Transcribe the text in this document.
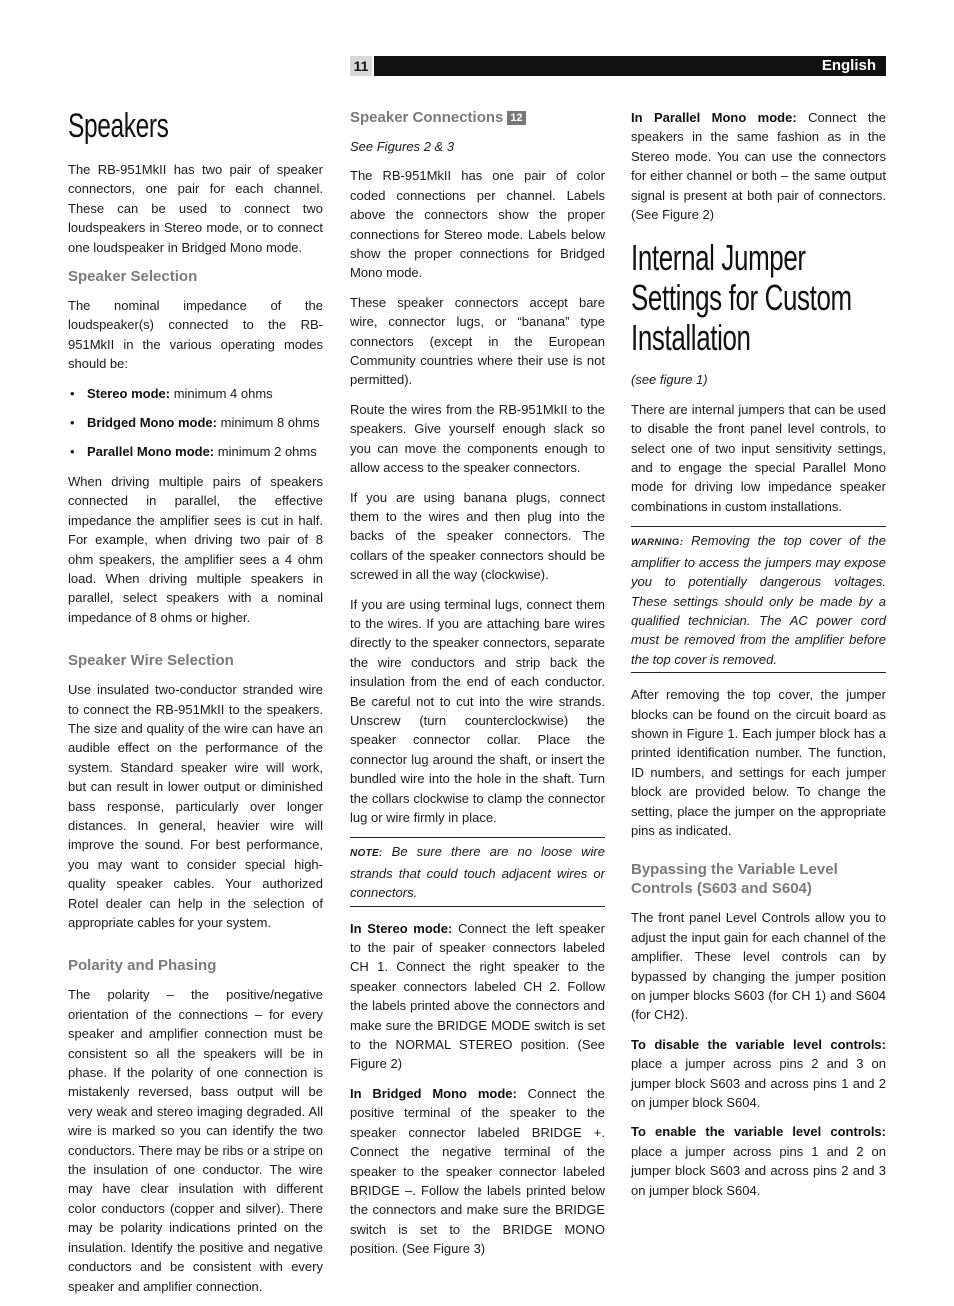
11	English
Speakers

The RB-951MkII has two pair of speaker connectors, one pair for each channel. These can be used to connect two loudspeakers in Stereo mode, or to connect one loudspeaker in Bridged Mono mode.

Speaker Selection

The nominal impedance of the loudspeaker(s) connected to the RB-951MkII in the various operating modes should be:

• Stereo mode: minimum 4 ohms
• Bridged Mono mode: minimum 8 ohms
• Parallel Mono mode: minimum 2 ohms

When driving multiple pairs of speakers connected in parallel, the effective impedance the amplifier sees is cut in half. For example, when driving two pair of 8 ohm speakers, the amplifier sees a 4 ohm load. When driving multiple speakers in parallel, select speakers with a nominal impedance of 8 ohms or higher.

Speaker Wire Selection

Use insulated two-conductor stranded wire to connect the RB-951MkII to the speakers. The size and quality of the wire can have an audible effect on the performance of the system. Standard speaker wire will work, but can result in lower output or diminished bass response, particularly over longer distances. In general, heavier wire will improve the sound. For best performance, you may want to consider special high-quality speaker cables. Your authorized Rotel dealer can help in the selection of appropriate cables for your system.

Polarity and Phasing

The polarity – the positive/negative orientation of the connections – for every speaker and amplifier connection must be consistent so all the speakers will be in phase. If the polarity of one connection is mistakenly reversed, bass output will be very weak and stereo imaging degraded. All wire is marked so you can identify the two conductors. There may be ribs or a stripe on the insulation of one conductor. The wire may have clear insulation with different color conductors (copper and silver). There may be polarity indications printed on the insulation. Identify the positive and negative conductors and be consistent with every speaker and amplifier connection.

Speaker Connections 12

See Figures 2 & 3

The RB-951MkII has one pair of color coded connections per channel. Labels above the connectors show the proper connections for Stereo mode. Labels below show the proper connections for Bridged Mono mode.

These speaker connectors accept bare wire, connector lugs, or “banana” type connectors (except in the European Community countries where their use is not permitted).

Route the wires from the RB-951MkII to the speakers. Give yourself enough slack so you can move the components enough to allow access to the speaker connectors.

If you are using banana plugs, connect them to the wires and then plug into the backs of the speaker connectors. The collars of the speaker connectors should be screwed in all the way (clockwise).

If you are using terminal lugs, connect them to the wires. If you are attaching bare wires directly to the speaker connectors, separate the wire conductors and strip back the insulation from the end of each conductor. Be careful not to cut into the wire strands. Unscrew (turn counterclockwise) the speaker connector collar. Place the connector lug around the shaft, or insert the bundled wire into the hole in the shaft. Turn the collars clockwise to clamp the connector lug or wire firmly in place.

NOTE: Be sure there are no loose wire strands that could touch adjacent wires or connectors.

In Stereo mode: Connect the left speaker to the pair of speaker connectors labeled CH 1. Connect the right speaker to the speaker connectors labeled CH 2. Follow the labels printed above the connectors and make sure the BRIDGE MODE switch is set to the NORMAL STEREO position. (See Figure 2)

In Bridged Mono mode: Connect the positive terminal of the speaker to the speaker connector labeled BRIDGE +. Connect the negative terminal of the speaker to the speaker connector labeled BRIDGE –. Follow the labels printed below the connectors and make sure the BRIDGE switch is set to the BRIDGE MONO position. (See Figure 3)

In Parallel Mono mode: Connect the speakers in the same fashion as in the Stereo mode. You can use the connectors for either channel or both – the same output signal is present at both pair of connectors. (See Figure 2)

Internal Jumper Settings for Custom Installation

(see figure 1)

There are internal jumpers that can be used to disable the front panel level controls, to select one of two input sensitivity settings, and to engage the special Parallel Mono mode for driving low impedance speaker combinations in custom installations.

WARNING: Removing the top cover of the amplifier to access the jumpers may expose you to potentially dangerous voltages. These settings should only be made by a qualified technician. The AC power cord must be removed from the amplifier before the top cover is removed.

After removing the top cover, the jumper blocks can be found on the circuit board as shown in Figure 1. Each jumper block has a printed identification number. The function, ID numbers, and settings for each jumper block are provided below. To change the setting, place the jumper on the appropriate pins as indicated.

Bypassing the Variable Level Controls (S603 and S604)

The front panel Level Controls allow you to adjust the input gain for each channel of the amplifier. These level controls can by bypassed by changing the jumper position on jumper blocks S603 (for CH 1) and S604 (for CH2).

To disable the variable level controls: place a jumper across pins 2 and 3 on jumper block S603 and across pins 1 and 2 on jumper block S604.

To enable the variable level controls: place a jumper across pins 1 and 2 on jumper block S603 and across pins 2 and 3 on jumper block S604.
